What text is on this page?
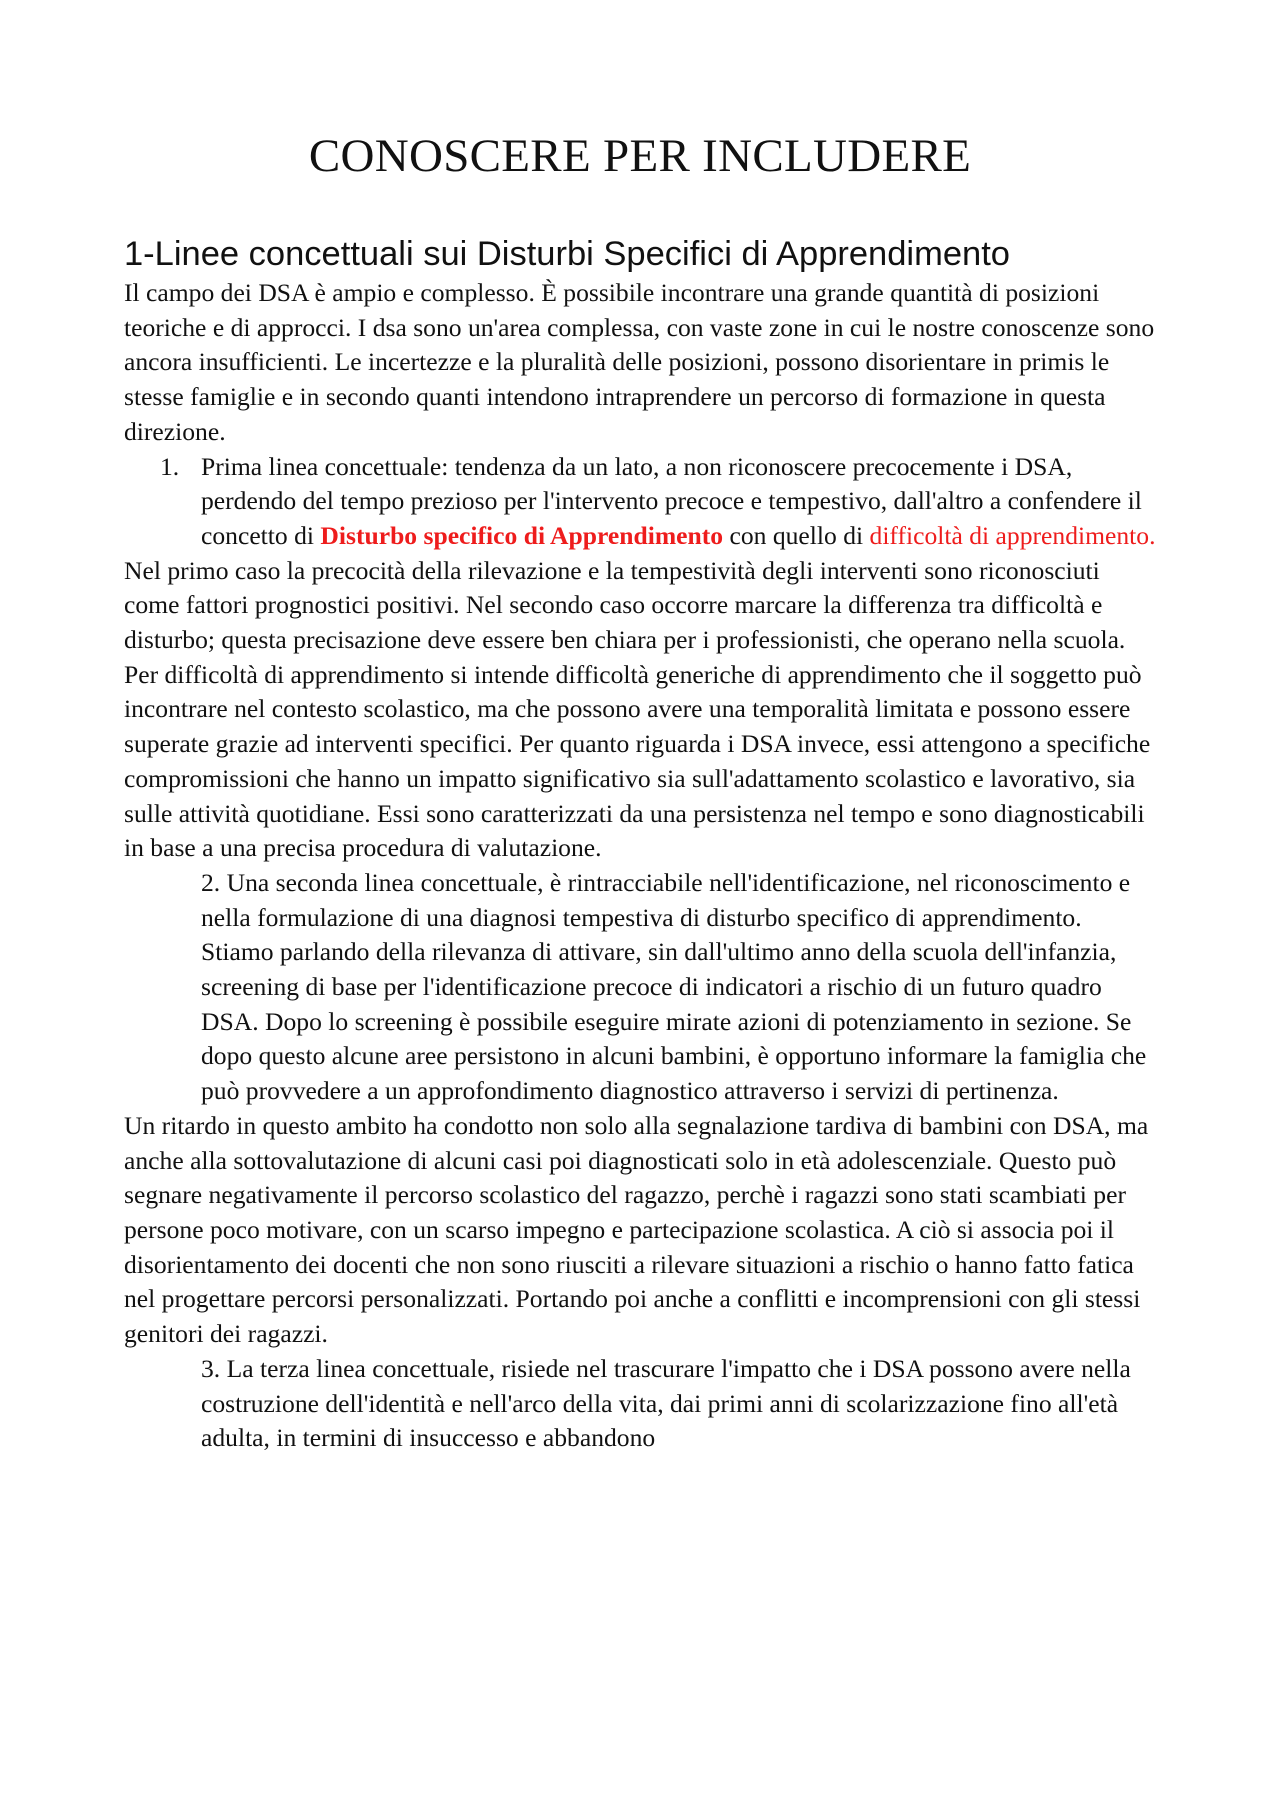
CONOSCERE PER INCLUDERE
1-Linee concettuali sui Disturbi Specifici di Apprendimento

Il campo dei DSA è ampio e complesso. È possibile incontrare una grande quantità di posizioni teoriche e di approcci. I dsa sono un'area complessa, con vaste zone in cui le nostre conoscenze sono ancora insufficienti. Le incertezze e la pluralità delle posizioni, possono disorientare in primis le stesse famiglie e in secondo quanti intendono intraprendere un percorso di formazione in questa direzione.

1. Prima linea concettuale: tendenza da un lato, a non riconoscere precocemente i DSA, perdendo del tempo prezioso per l'intervento precoce e tempestivo, dall'altro a confendere il concetto di Disturbo specifico di Apprendimento con quello di difficoltà di apprendimento.

Nel primo caso la precocità della rilevazione e la tempestività degli interventi sono riconosciuti come fattori prognostici positivi. Nel secondo caso occorre marcare la differenza tra difficoltà e disturbo; questa precisazione deve essere ben chiara per i professionisti, che operano nella scuola. Per difficoltà di apprendimento si intende difficoltà generiche di apprendimento che il soggetto può incontrare nel contesto scolastico, ma che possono avere una temporalità limitata e possono essere superate grazie ad interventi specifici. Per quanto riguarda i DSA invece, essi attengono a specifiche compromissioni che hanno un impatto significativo sia sull'adattamento scolastico e lavorativo, sia sulle attività quotidiane. Essi sono caratterizzati da una persistenza nel tempo e sono diagnosticabili in base a una precisa procedura di valutazione.

2. Una seconda linea concettuale, è rintracciabile nell'identificazione, nel riconoscimento e nella formulazione di una diagnosi tempestiva di disturbo specifico di apprendimento. Stiamo parlando della rilevanza di attivare, sin dall'ultimo anno della scuola dell'infanzia, screening di base per l'identificazione precoce di indicatori a rischio di un futuro quadro DSA. Dopo lo screening è possibile eseguire mirate azioni di potenziamento in sezione. Se dopo questo alcune aree persistono in alcuni bambini, è opportuno informare la famiglia che può provvedere a un approfondimento diagnostico attraverso i servizi di pertinenza.

Un ritardo in questo ambito ha condotto non solo alla segnalazione tardiva di bambini con DSA, ma anche alla sottovalutazione di alcuni casi poi diagnosticati solo in età adolescenziale. Questo può segnare negativamente il percorso scolastico del ragazzo, perchè i ragazzi sono stati scambiati per persone poco motivare, con un scarso impegno e partecipazione scolastica. A ciò si associa poi il disorientamento dei docenti che non sono riusciti a rilevare situazioni a rischio o hanno fatto fatica nel progettare percorsi personalizzati. Portando poi anche a conflitti e incomprensioni con gli stessi genitori dei ragazzi.

3. La terza linea concettuale, risiede nel trascurare l'impatto che i DSA possono avere nella costruzione dell'identità e nell'arco della vita, dai primi anni di scolarizzazione fino all'età adulta, in termini di insuccesso e abbandono
